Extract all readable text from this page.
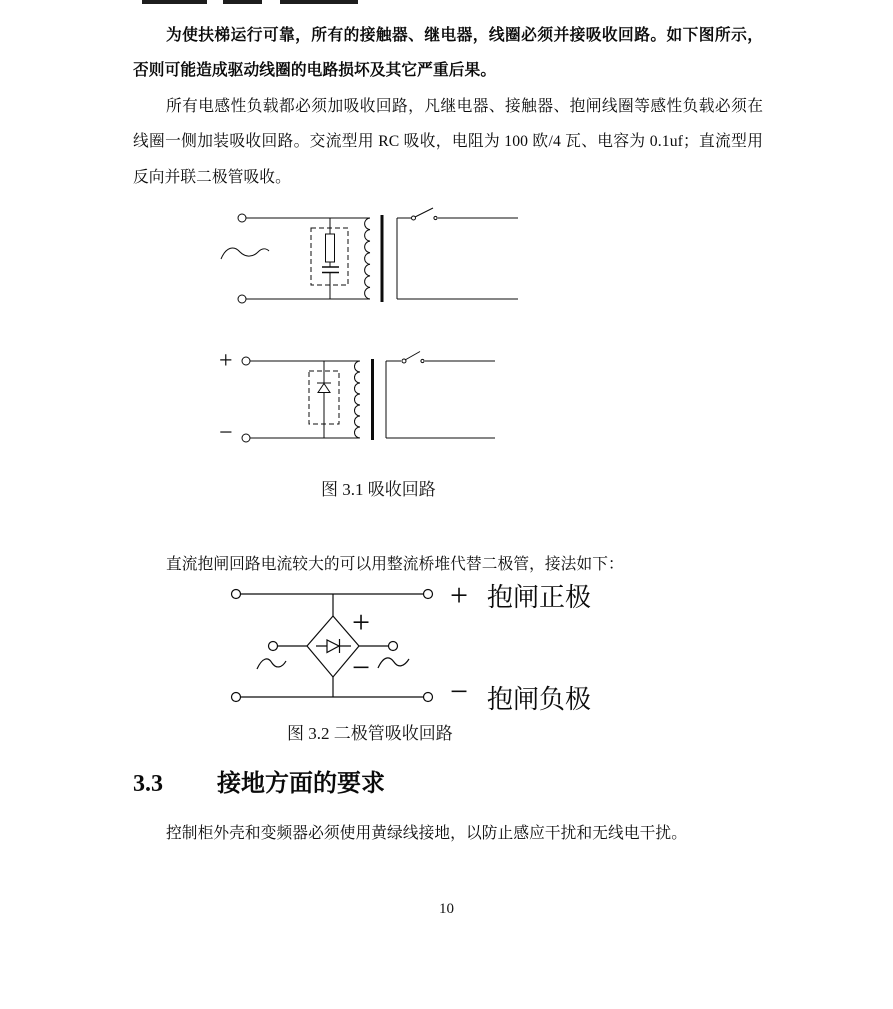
为使扶梯运行可靠，所有的接触器、继电器，线圈必须并接吸收回路。如下图所示，否则可能造成驱动线圈的电路损坏及其它严重后果。

所有电感性负载都必须加吸收回路，凡继电器、接触器、抱闸线圈等感性负载必须在线圈一侧加装吸收回路。交流型用 RC 吸收，电阻为 100 欧/4 瓦、电容为 0.1uf；直流型用反向并联二极管吸收。

+
−
图 3.1 吸收回路

直流抱闸回路电流较大的可以用整流桥堆代替二极管，接法如下：

+
−
+
−
抱闸正极
抱闸负极
图 3.2 二极管吸收回路
3.3 接地方面的要求

控制柜外壳和变频器必须使用黄绿线接地，以防止感应干扰和无线电干扰。

10
